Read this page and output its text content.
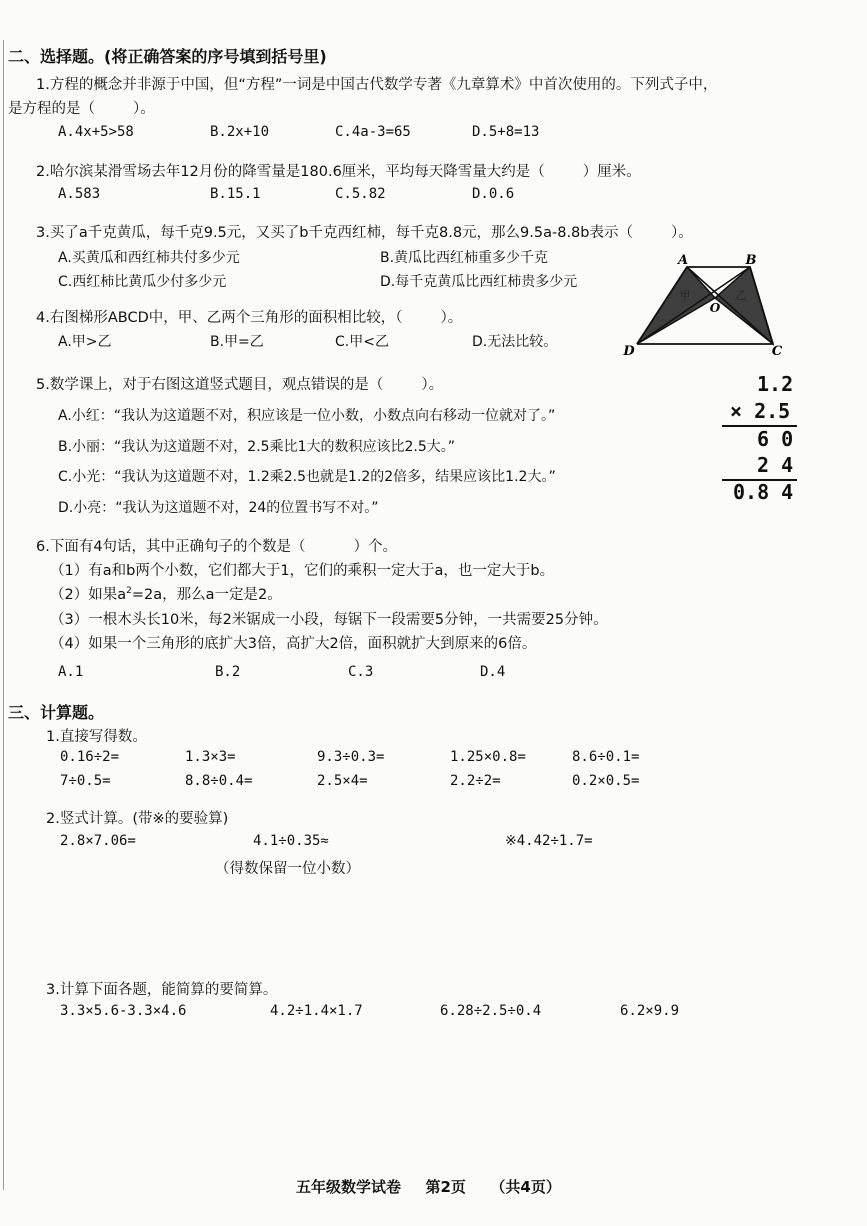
二、选择题。(将正确答案的序号填到括号里)
1.方程的概念并非源于中国，但“方程”一词是中国古代数学专著《九章算术》中首次使用的。下列式子中，
是方程的是（	）。
A.4x+5>58	B.2x+10	C.4a-3=65	D.5+8=13
2.哈尔滨某滑雪场去年12月份的降雪量是180.6厘米，平均每天降雪量大约是（	）厘米。
A.583	B.15.1	C.5.82	D.0.6
3.买了a千克黄瓜，每千克9.5元，又买了b千克西红柿，每千克8.8元，那么9.5a-8.8b表示（	）。
A.买黄瓜和西红柿共付多少元	B.黄瓜比西红柿重多少千克
C.西红柿比黄瓜少付多少元	D.每千克黄瓜比西红柿贵多少元
4.右图梯形ABCD中，甲、乙两个三角形的面积相比较，（	）。
A.甲>乙	B.甲=乙	C.甲<乙	D.无法比较。
A	B
D	C
O
甲	乙
5.数学课上，对于右图这道竖式题目，观点错误的是（	）。
A.小红：“我认为这道题不对，积应该是一位小数，小数点向右移动一位就对了。”
B.小丽：“我认为这道题不对，2.5乘比1大的数积应该比2.5大。”
C.小光：“我认为这道题不对，1.2乘2.5也就是1.2的2倍多，结果应该比1.2大。”
D.小亮：“我认为这道题不对，24的位置书写不对。”
1.2
× 2.5
6 0
2 4
0.8 4
6.下面有4句话，其中正确句子的个数是（	）个。
（1）有a和b两个小数，它们都大于1，它们的乘积一定大于a，也一定大于b。
（2）如果$a^2=2a$，那么a一定是2。
（3）一根木头长10米，每2米锯成一小段，每锯下一段需要5分钟，一共需要25分钟。
（4）如果一个三角形的底扩大3倍，高扩大2倍，面积就扩大到原来的6倍。
A.1	B.2	C.3	D.4
三、计算题。
1.直接写得数。
0.16÷2=	1.3×3=	9.3÷0.3=	1.25×0.8=	8.6÷0.1=
7÷0.5=	8.8÷0.4=	2.5×4=	2.2÷2=	0.2×0.5=
2.竖式计算。(带※的要验算)
2.8×7.06=	4.1÷0.35≈	※4.42÷1.7=
（得数保留一位小数）
3.计算下面各题，能简算的要简算。
3.3×5.6-3.3×4.6	4.2÷1.4×1.7	6.28÷2.5÷0.4	6.2×9.9
五年级数学试卷 第2页 （共4页）
